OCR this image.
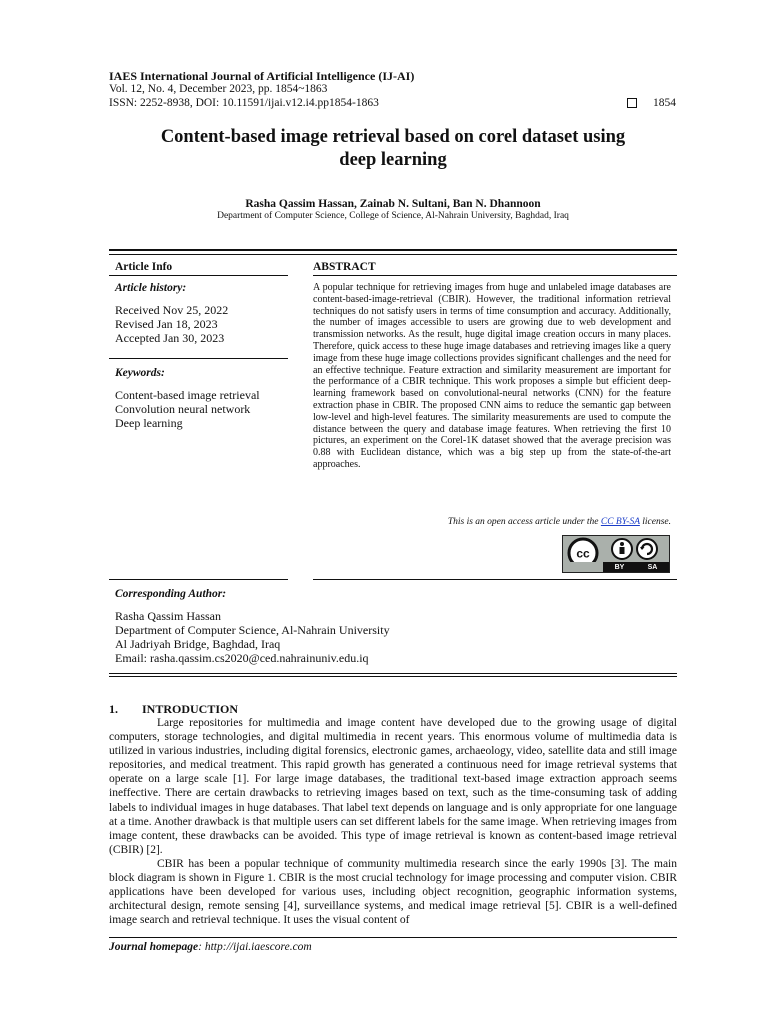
IAES International Journal of Artificial Intelligence (IJ-AI)
Vol. 12, No. 4, December 2023, pp. 1854~1863
ISSN: 2252-8938, DOI: 10.11591/ijai.v12.i4.pp1854-1863	1854
Content-based image retrieval based on corel dataset using
deep learning
Rasha Qassim Hassan, Zainab N. Sultani, Ban N. Dhannoon
Department of Computer Science, College of Science, Al-Nahrain University, Baghdad, Iraq
Article Info
Article history:
Received Nov 25, 2022
Revised Jan 18, 2023
Accepted Jan 30, 2023
Keywords:
Content-based image retrieval
Convolution neural network
Deep learning
ABSTRACT
A popular technique for retrieving images from huge and unlabeled image databases are content-based-image-retrieval (CBIR). However, the traditional information retrieval techniques do not satisfy users in terms of time consumption and accuracy. Additionally, the number of images accessible to users are growing due to web development and transmission networks. As the result, huge digital image creation occurs in many places. Therefore, quick access to these huge image databases and retrieving images like a query image from these huge image collections provides significant challenges and the need for an effective technique. Feature extraction and similarity measurement are important for the performance of a CBIR technique. This work proposes a simple but efficient deep-learning framework based on convolutional-neural networks (CNN) for the feature extraction phase in CBIR. The proposed CNN aims to reduce the semantic gap between low-level and high-level features. The similarity measurements are used to compute the distance between the query and database image features. When retrieving the first 10 pictures, an experiment on the Corel-1K dataset showed that the average precision was 0.88 with Euclidean distance, which was a big step up from the state-of-the-art approaches.
This is an open access article under the CC BY-SA license.
cc
BY	SA
Corresponding Author:
Rasha Qassim Hassan
Department of Computer Science, Al-Nahrain University
Al Jadriyah Bridge, Baghdad, Iraq
Email: rasha.qassim.cs2020@ced.nahrainuniv.edu.iq
1.  INTRODUCTION

Large repositories for multimedia and image content have developed due to the growing usage of digital computers, storage technologies, and digital multimedia in recent years. This enormous volume of multimedia data is utilized in various industries, including digital forensics, electronic games, archaeology, video, satellite data and still image repositories, and medical treatment. This rapid growth has generated a continuous need for image retrieval systems that operate on a large scale [1]. For large image databases, the traditional text-based image extraction approach seems ineffective. There are certain drawbacks to retrieving images based on text, such as the time-consuming task of adding labels to individual images in huge databases. That label text depends on language and is only appropriate for one language at a time. Another drawback is that multiple users can set different labels for the same image. When retrieving images from image content, these drawbacks can be avoided. This type of image retrieval is known as content-based image retrieval (CBIR) [2].

CBIR has been a popular technique of community multimedia research since the early 1990s [3]. The main block diagram is shown in Figure 1. CBIR is the most crucial technology for image processing and computer vision. CBIR applications have been developed for various uses, including object recognition, geographic information systems, architectural design, remote sensing [4], surveillance systems, and medical image retrieval [5]. CBIR is a well-defined image search and retrieval technique. It uses the visual content of

Journal homepage: http://ijai.iaescore.com
